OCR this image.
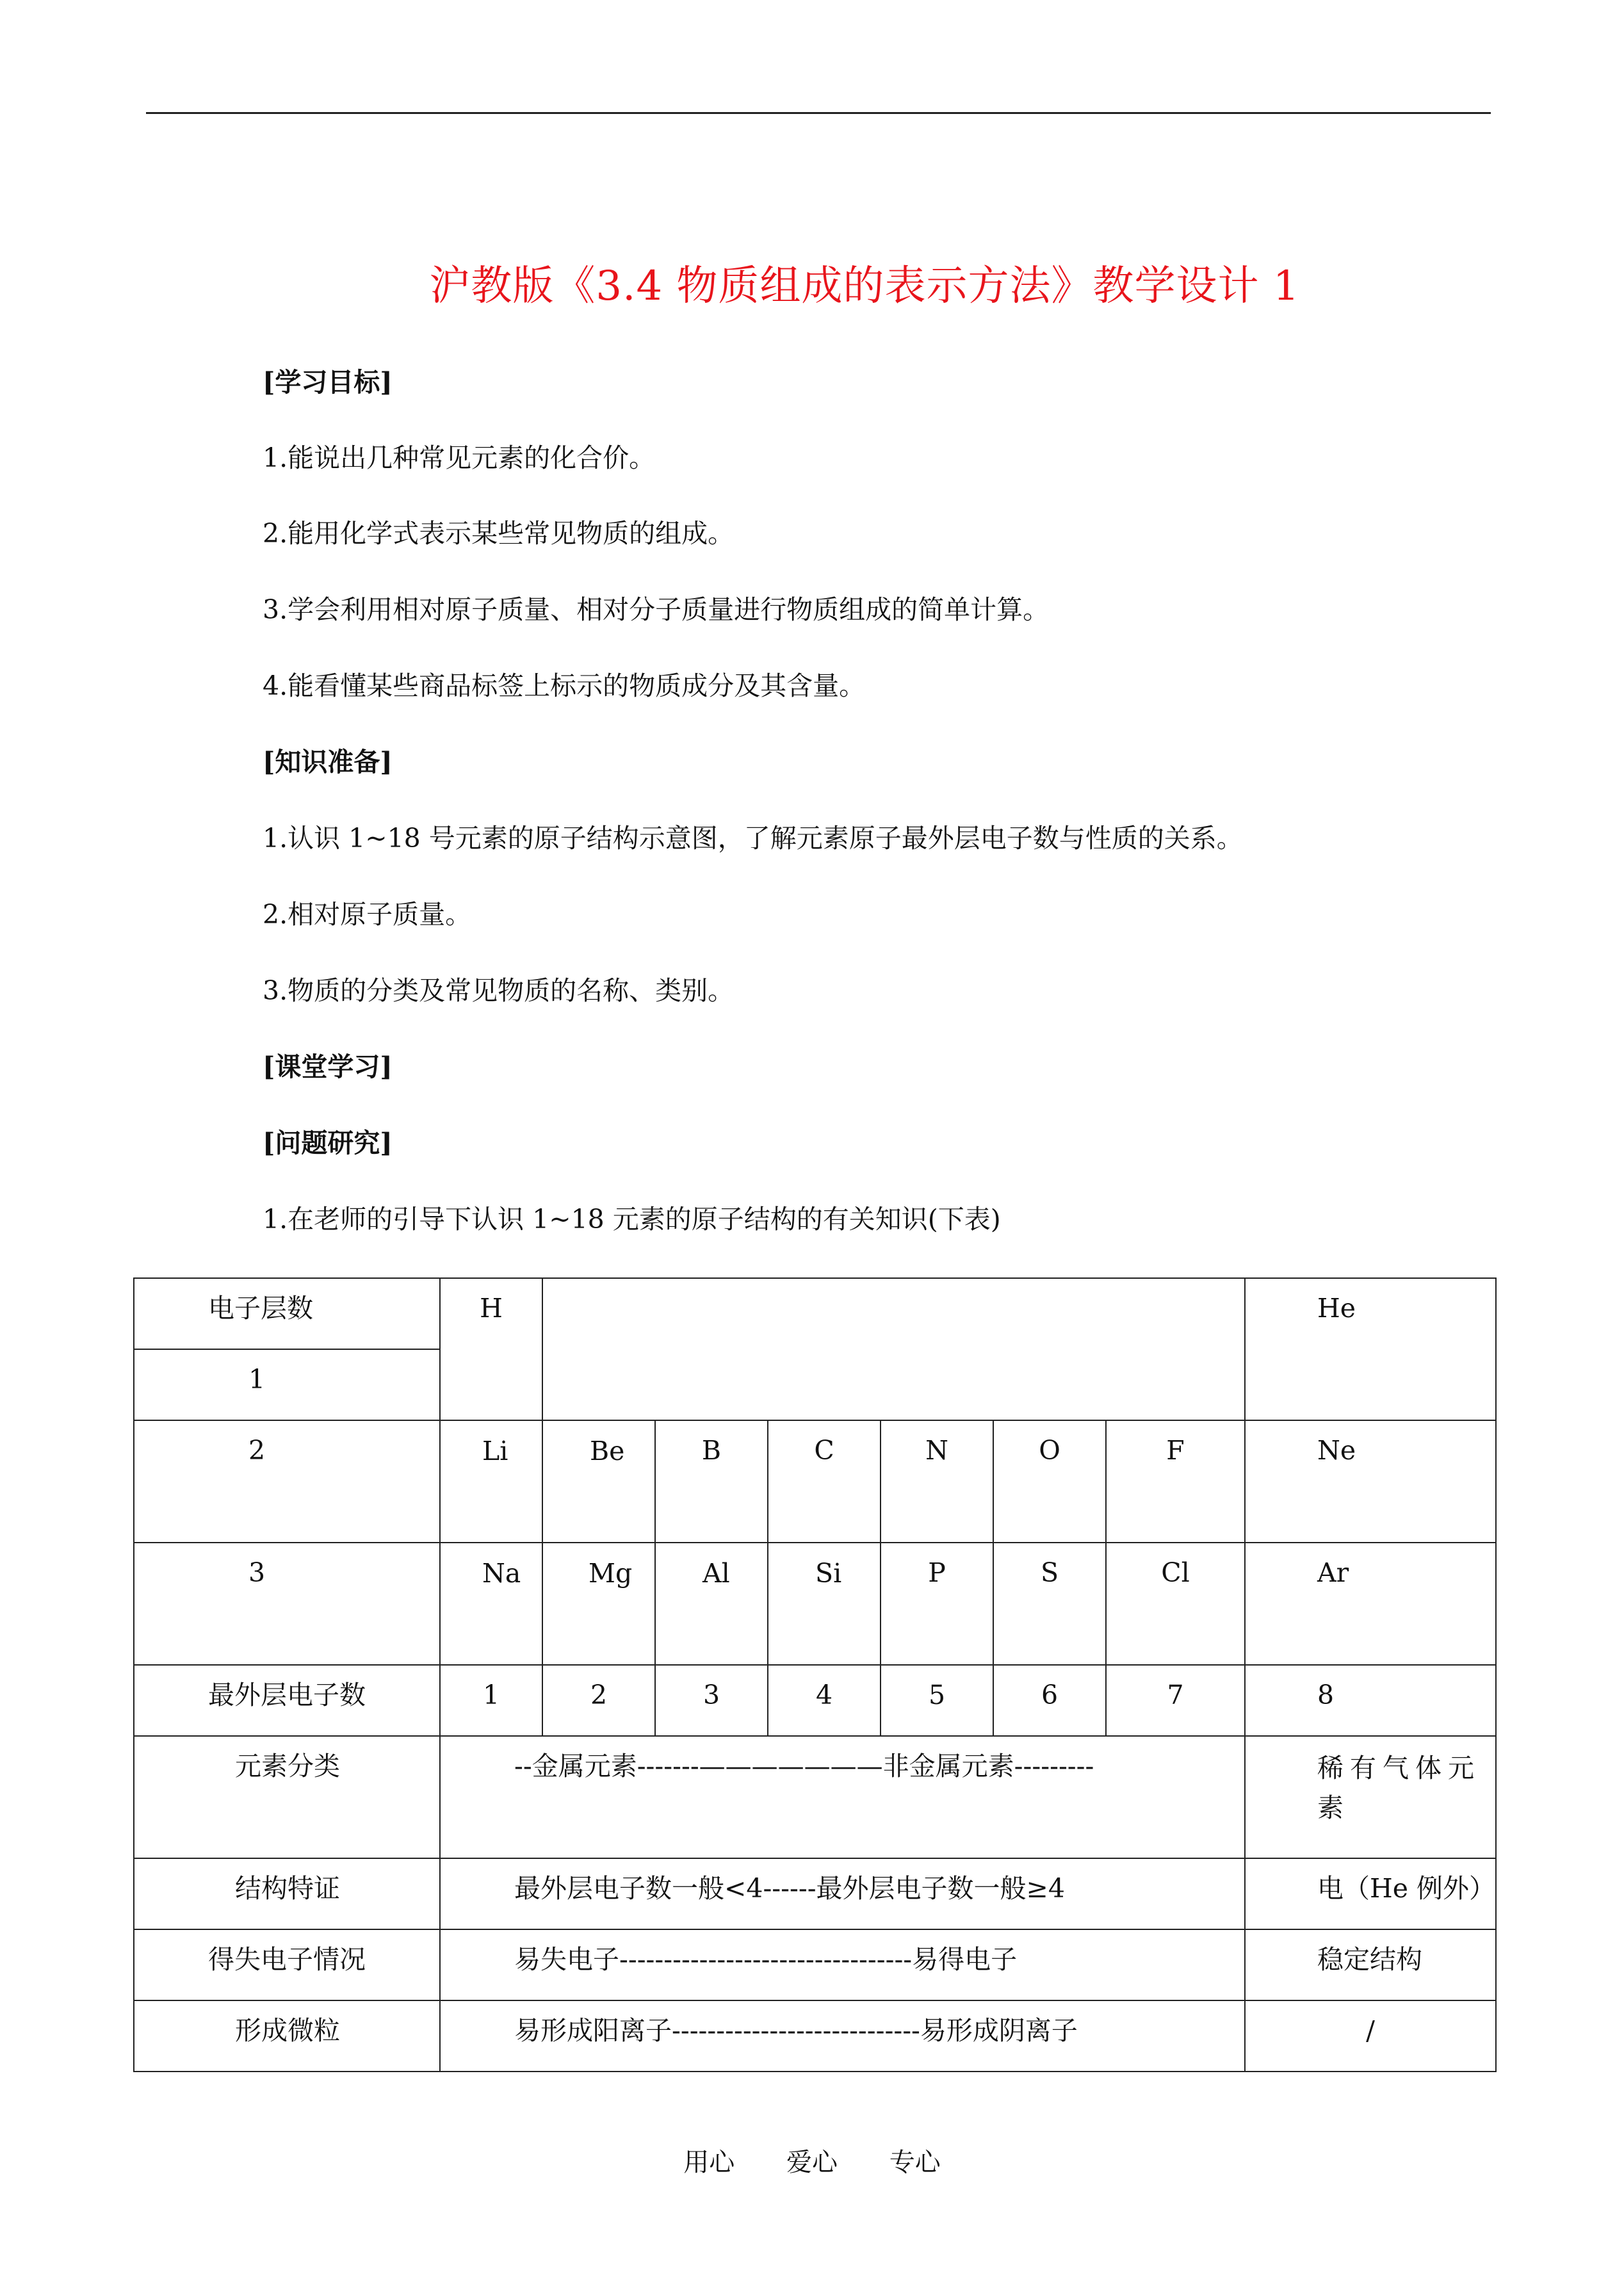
沪教版《3.4 物质组成的表示方法》教学设计 1
[学习目标]
1.能说出几种常见元素的化合价。
2.能用化学式表示某些常见物质的组成。
3.学会利用相对原子质量、相对分子质量进行物质组成的简单计算。
4.能看懂某些商品标签上标示的物质成分及其含量。
[知识准备]
1.认识 1~18 号元素的原子结构示意图，了解元素原子最外层电子数与性质的关系。
2.相对原子质量。
3.物质的分类及常见物质的名称、类别。
[课堂学习]
[问题研究]
1.在老师的引导下认识 1~18 元素的原子结构的有关知识(下表)
电子层数	H							He

1								

2	Li	Be	B	C	N	O	F	Ne

3	Na	Mg	Al	Si	P	S	Cl	Ar

最外层电子数	1	2	3	4	5	6	7	8

元素分类	--金属元素-------———————非金属元素---------							稀有气体元素

结构特证	最外层电子数一般<4------最外层电子数一般≥4							电（He 例外）

得失电子情况	易失电子---------------------------------易得电子							稳定结构

形成微粒	易形成阳离子----------------------------易形成阴离子							/
用心 爱心 专心
